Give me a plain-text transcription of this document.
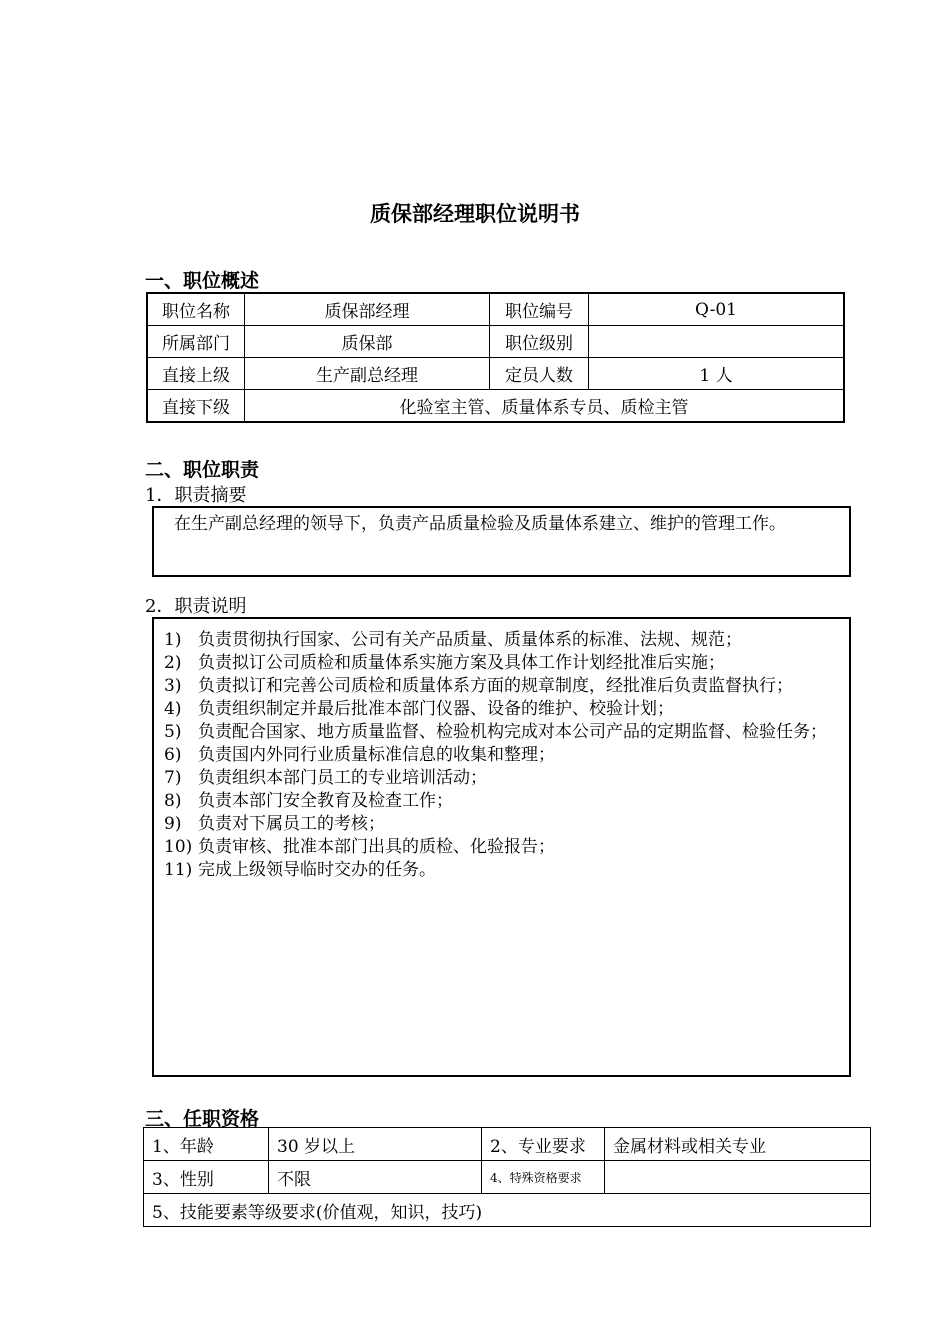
质保部经理职位说明书
一、职位概述
职位名称	质保部经理	职位编号	Q-01
所属部门	质保部	职位级别	
直接上级	生产副总经理	定员人数	1 人
直接下级	化验室主管、质量体系专员、质检主管		
二、职位职责
1．职责摘要
在生产副总经理的领导下，负责产品质量检验及质量体系建立、维护的管理工作。
2．职责说明
1) 负责贯彻执行国家、公司有关产品质量、质量体系的标准、法规、规范；
2) 负责拟订公司质检和质量体系实施方案及具体工作计划经批准后实施；
3) 负责拟订和完善公司质检和质量体系方面的规章制度，经批准后负责监督执行；
4) 负责组织制定并最后批准本部门仪器、设备的维护、校验计划；
5) 负责配合国家、地方质量监督、检验机构完成对本公司产品的定期监督、检验任务；
6) 负责国内外同行业质量标准信息的收集和整理；
7) 负责组织本部门员工的专业培训活动；
8) 负责本部门安全教育及检查工作；
9) 负责对下属员工的考核；
10) 负责审核、批准本部门出具的质检、化验报告；
11) 完成上级领导临时交办的任务。
三、任职资格
1、年龄	30 岁以上	2、专业要求	金属材料或相关专业
3、性别	不限	4、特殊资格要求	
5、技能要素等级要求(价值观，知识，技巧)			
